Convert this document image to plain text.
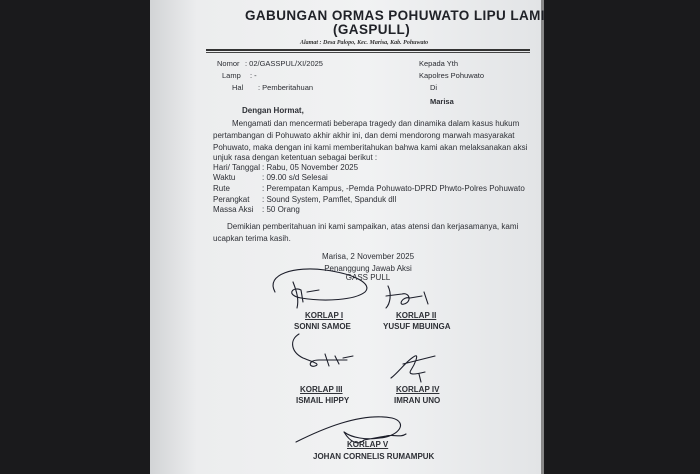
GABUNGAN ORMAS POHUWATO LIPU LAMI
(GASPULL)
Alamat : Desa Palopo, Kec. Marisa, Kab. Pohuwato
Nomor : 02/GASSPUL/XI/2025
Lamp : -
Hal : Pemberitahuan
Kepada Yth
Kapolres Pohuwato
Di
Marisa
Dengan Hormat,
Mengamati dan mencermati beberapa tragedy dan dinamika dalam kasus hukum
pertambangan di Pohuwato akhir akhir ini, dan demi mendorong marwah masyarakat
Pohuwato, maka dengan ini kami memberitahukan bahwa kami akan melaksanakan aksi
unjuk rasa dengan ketentuan sebagai berikut :
Hari/ Tanggal : Rabu, 05 November 2025
Waktu	: 09.00 s/d Selesai
Rute	: Perempatan Kampus, -Pemda Pohuwato-DPRD Phwto-Polres Pohuwato
Perangkat : Sound System, Pamflet, Spanduk dll
Massa Aksi : 50 Orang
Demikian pemberitahuan ini kami sampaikan, atas atensi dan kerjasamanya, kami
ucapkan terima kasih.
Marisa, 2 November 2025
Penanggung Jawab Aksi
GASS PULL
KORLAP I
SONNI SAMOE
KORLAP II
YUSUF MBUINGA
KORLAP III
ISMAIL HIPPY
KORLAP IV
IMRAN UNO
KORLAP V
JOHAN CORNELIS RUMAMPUK
